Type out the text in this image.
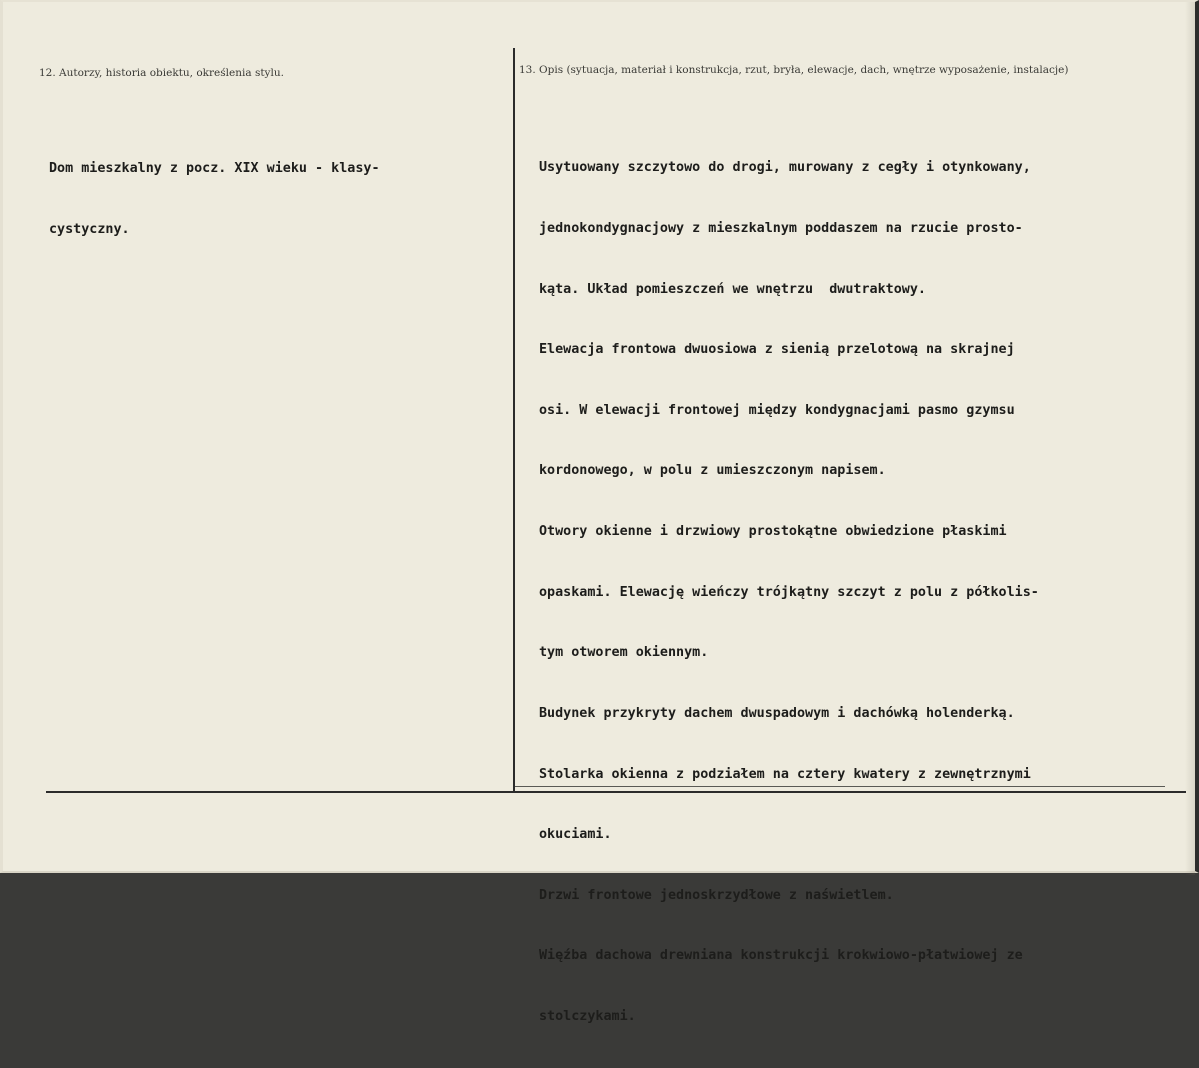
12. Autorzy, historia obiektu, określenia stylu.	13. Opis (sytuacja, materiał i konstrukcja, rzut, bryła, elewacje, dach, wnętrze wyposażenie, instalacje)

Dom mieszkalny z pocz. XIX wieku - klasy-

cystyczny.

Usytuowany szczytowo do drogi, murowany z cegły i otynkowany,

jednokondygnacjowy z mieszkalnym poddaszem na rzucie prosto-

kąta. Układ pomieszczeń we wnętrzu  dwutraktowy.

Elewacja frontowa dwuosiowa z sienią przelotową na skrajnej

osi. W elewacji frontowej między kondygnacjami pasmo gzymsu

kordonowego, w polu z umieszczonym napisem.

Otwory okienne i drzwiowy prostokątne obwiedzione płaskimi

opaskami. Elewację wieńczy trójkątny szczyt z polu z półkolis-

tym otworem okiennym.

Budynek przykryty dachem dwuspadowym i dachówką holenderką.

Stolarka okienna z podziałem na cztery kwatery z zewnętrznymi

okuciami.

Drzwi frontowe jednoskrzydłowe z naświetlem.

Więźba dachowa drewniana konstrukcji krokwiowo-płatwiowej ze

stolczykami.
